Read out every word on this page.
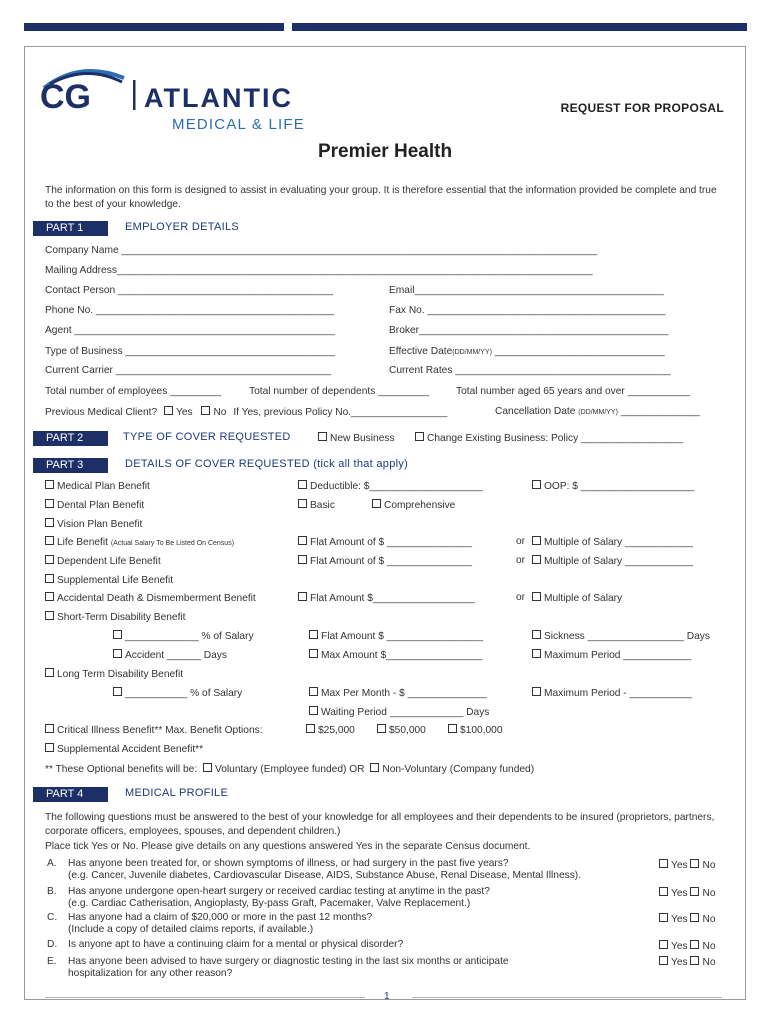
CG ATLANTIC
MEDICAL & LIFE
REQUEST FOR PROPOSAL
Premier Health
The information on this form is designed to assist in evaluating your group. It is therefore essential that the information provided be complete and true to the best of your knowledge.
PART 1	EMPLOYER DETAILS
Company Name ____________________________________________________________________________________
Mailing Address____________________________________________________________________________________
Contact Person ______________________________________	Email____________________________________________
Phone No. __________________________________________	Fax No. __________________________________________
Agent ______________________________________________	Broker____________________________________________
Type of Business _____________________________________	Effective Date(DD/MM/YY) ______________________________
Current Carrier ______________________________________	Current Rates ______________________________________
Total number of employees _________	Total number of dependents _________	Total number aged 65 years and over ___________
Previous Medical Client? Yes No If Yes, previous Policy No._________________	Cancellation Date (DD/MM/YY) ______________
PART 2	TYPE OF COVER REQUESTED	New Business	Change Existing Business: Policy __________________
PART 3	DETAILS OF COVER REQUESTED (tick all that apply)
Medical Plan Benefit	Deductible: $____________________	OOP: $ ____________________
Dental Plan Benefit	Basic	Comprehensive
Vision Plan Benefit
Life Benefit (Actual Salary To Be Listed On Census)	Flat Amount of $ _______________	or	Multiple of Salary ____________
Dependent Life Benefit	Flat Amount of $ _______________	or	Multiple of Salary ____________
Supplemental Life Benefit
Accidental Death & Dismemberment Benefit	Flat Amount $__________________	or	Multiple of Salary
Short-Term Disability Benefit
_____________ % of Salary	Flat Amount $ _________________	Sickness _________________ Days
Accident ______ Days	Max Amount $_________________	Maximum Period ____________
Long Term Disability Benefit
___________ % of Salary	Max Per Month - $ ______________	Maximum Period - ___________
Waiting Period _____________ Days
Critical Illness Benefit** Max. Benefit Options:	$25,000	$50,000	$100,000
Supplemental Accident Benefit**
** These Optional benefits will be: Voluntary (Employee funded) OR Non-Voluntary (Company funded)
PART 4	MEDICAL PROFILE
The following questions must be answered to the best of your knowledge for all employees and their dependents to be insured (proprietors, partners, corporate officers, employees, spouses, and dependent children.)
Place tick Yes or No. Please give details on any questions answered Yes in the separate Census document.
A. Has anyone been treated for, or shown symptoms of illness, or had surgery in the past five years?
(e.g. Cancer, Juvenile diabetes, Cardiovascular Disease, AIDS, Substance Abuse, Renal Disease, Mental Illness).
Yes No
B. Has anyone undergone open-heart surgery or received cardiac testing at anytime in the past?
(e.g. Cardiac Catherisation, Angioplasty, By-pass Graft, Pacemaker, Valve Replacement.)
Yes No
C. Has anyone had a claim of $20,000 or more in the past 12 months?
(Include a copy of detailed claims reports, if available.)
Yes No
D. Is anyone apt to have a continuing claim for a mental or physical disorder?	Yes No
E. Has anyone been advised to have surgery or diagnostic testing in the last six months or anticipate
hospitalization for any other reason?
Yes No
1
